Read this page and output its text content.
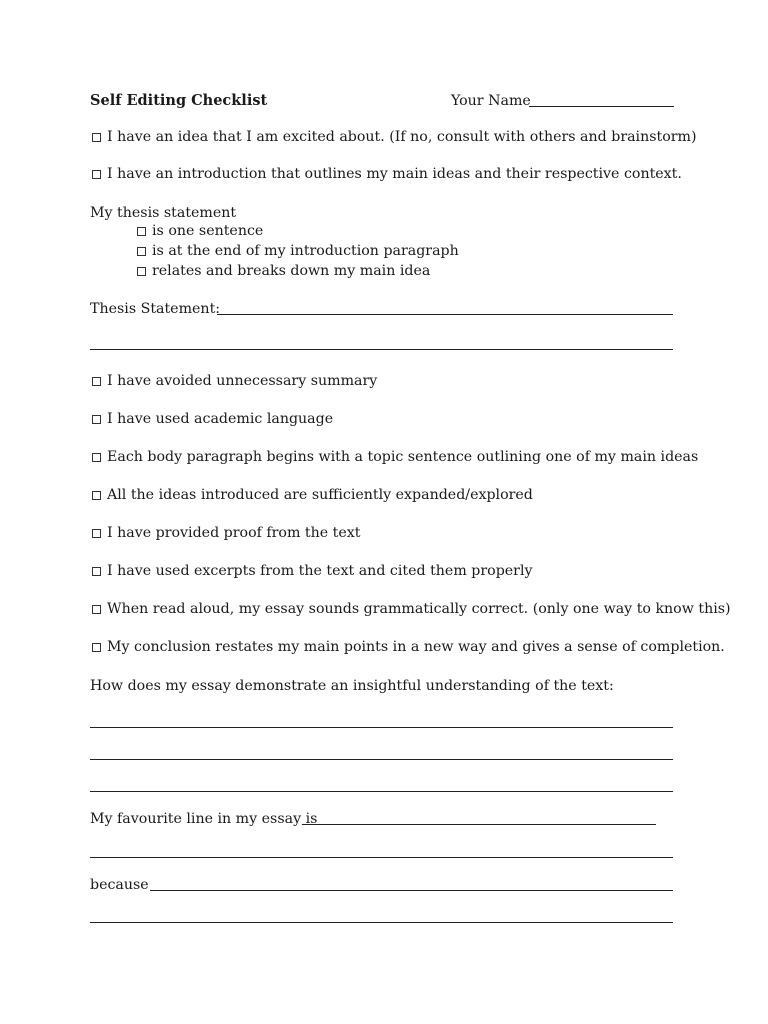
Self Editing Checklist	Your Name
I have an idea that I am excited about. (If no, consult with others and brainstorm)
I have an introduction that outlines my main ideas and their respective context.
My thesis statement
is one sentence
is at the end of my introduction paragraph
relates and breaks down my main idea
Thesis Statement:
I have avoided unnecessary summary
I have used academic language
Each body paragraph begins with a topic sentence outlining one of my main ideas
All the ideas introduced are sufficiently expanded/explored
I have provided proof from the text
I have used excerpts from the text and cited them properly
When read aloud, my essay sounds grammatically correct. (only one way to know this)
My conclusion restates my main points in a new way and gives a sense of completion.
How does my essay demonstrate an insightful understanding of the text:
My favourite line in my essay is
because
